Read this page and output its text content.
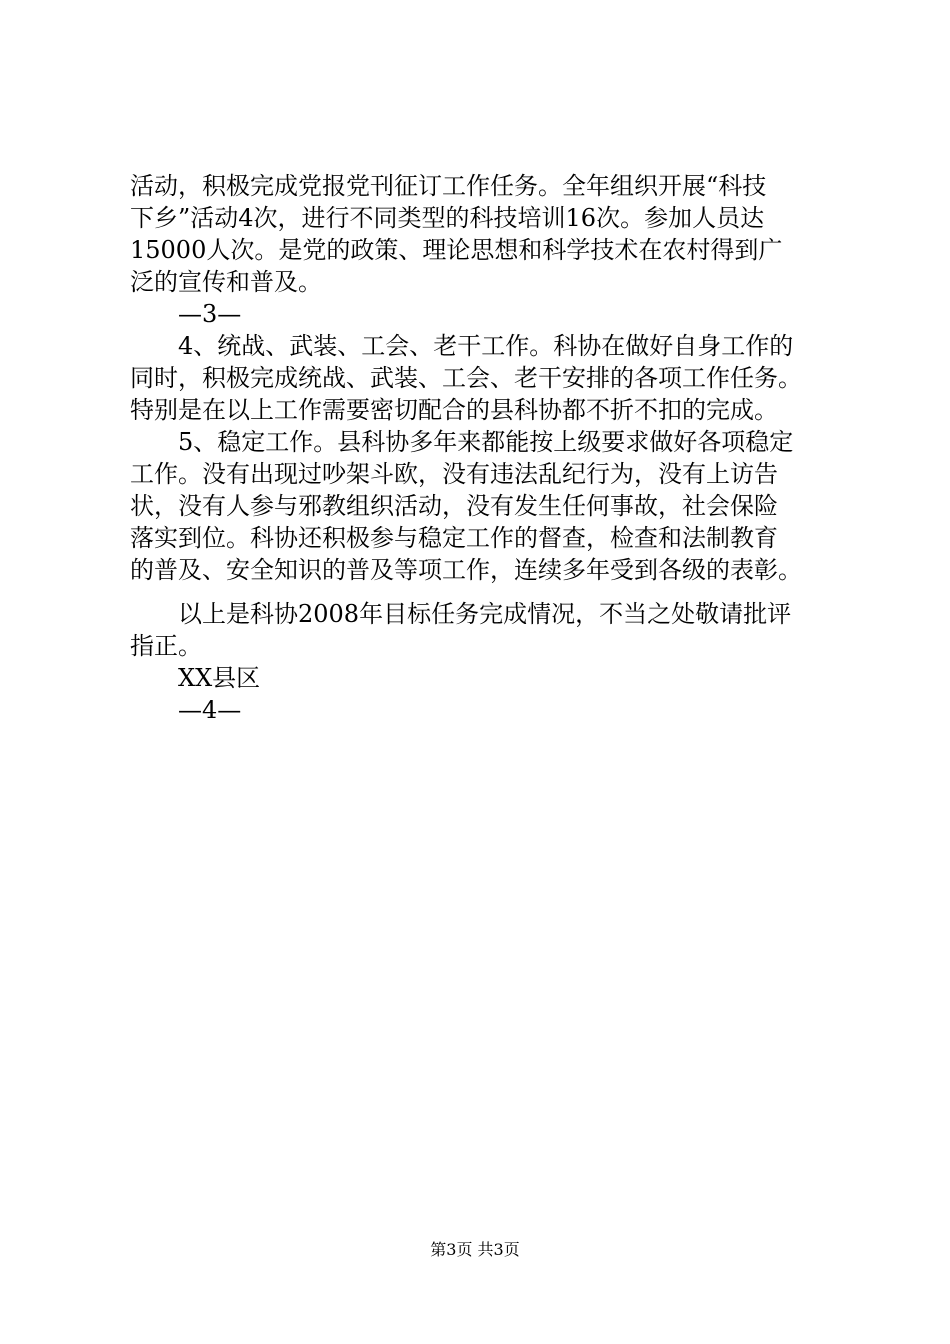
活动，积极完成党报党刊征订工作任务。全年组织开展“科技
下乡”活动4次，进行不同类型的科技培训16次。参加人员达
15000人次。是党的政策、理论思想和科学技术在农村得到广
泛的宣传和普及。
—3—
4、统战、武装、工会、老干工作。科协在做好自身工作的
同时，积极完成统战、武装、工会、老干安排的各项工作任务。
特别是在以上工作需要密切配合的县科协都不折不扣的完成。
5、稳定工作。县科协多年来都能按上级要求做好各项稳定
工作。没有出现过吵架斗欧，没有违法乱纪行为，没有上访告
状，没有人参与邪教组织活动，没有发生任何事故，社会保险
落实到位。科协还积极参与稳定工作的督查，检查和法制教育
的普及、安全知识的普及等项工作，连续多年受到各级的表彰。
以上是科协2008年目标任务完成情况，不当之处敬请批评
指正。
XX县区
—4—
第3页 共3页
